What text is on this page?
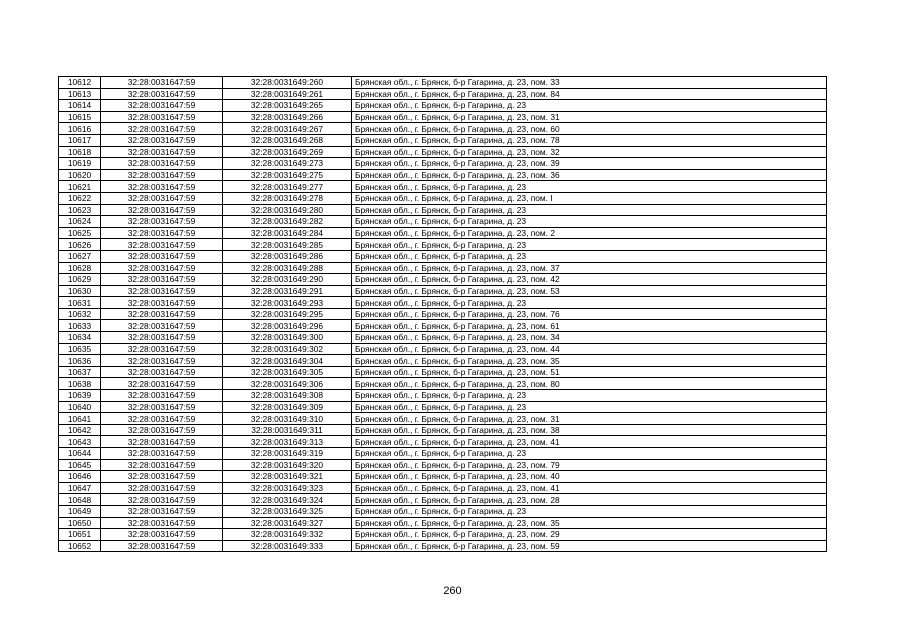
10612	32:28:0031647:59	32:28:0031649:260	Брянская обл., г. Брянск, б-р Гагарина, д. 23, пом. 33
10613	32:28:0031647:59	32:28:0031649:261	Брянская обл., г. Брянск, б-р Гагарина, д. 23, пом. 84
10614	32:28:0031647:59	32:28:0031649:265	Брянская обл., г. Брянск, б-р Гагарина, д. 23
10615	32:28:0031647:59	32:28:0031649:266	Брянская обл., г. Брянск, б-р Гагарина, д. 23, пом. 31
10616	32:28:0031647:59	32:28:0031649:267	Брянская обл., г. Брянск, б-р Гагарина, д. 23, пом. 60
10617	32:28:0031647:59	32:28:0031649:268	Брянская обл., г. Брянск, б-р Гагарина, д. 23, пом. 78
10618	32:28:0031647:59	32:28:0031649:269	Брянская обл., г. Брянск, б-р Гагарина, д. 23, пом. 32
10619	32:28:0031647:59	32:28:0031649:273	Брянская обл., г. Брянск, б-р Гагарина, д. 23, пом. 39
10620	32:28:0031647:59	32:28:0031649:275	Брянская обл., г. Брянск, б-р Гагарина, д. 23, пом. 36
10621	32:28:0031647:59	32:28:0031649:277	Брянская обл., г. Брянск, б-р Гагарина, д. 23
10622	32:28:0031647:59	32:28:0031649:278	Брянская обл., г. Брянск, б-р Гагарина, д. 23, пом. I
10623	32:28:0031647:59	32:28:0031649:280	Брянская обл., г. Брянск, б-р Гагарина, д. 23
10624	32:28:0031647:59	32:28:0031649:282	Брянская обл., г. Брянск, б-р Гагарина, д. 23
10625	32:28:0031647:59	32:28:0031649:284	Брянская обл., г. Брянск, б-р Гагарина, д. 23, пом. 2
10626	32:28:0031647:59	32:28:0031649:285	Брянская обл., г. Брянск, б-р Гагарина, д. 23
10627	32:28:0031647:59	32:28:0031649:286	Брянская обл., г. Брянск, б-р Гагарина, д. 23
10628	32:28:0031647:59	32:28:0031649:288	Брянская обл., г. Брянск, б-р Гагарина, д. 23, пом. 37
10629	32:28:0031647:59	32:28:0031649:290	Брянская обл., г. Брянск, б-р Гагарина, д. 23, пом. 42
10630	32:28:0031647:59	32:28:0031649:291	Брянская обл., г. Брянск, б-р Гагарина, д. 23, пом. 53
10631	32:28:0031647:59	32:28:0031649:293	Брянская обл., г. Брянск, б-р Гагарина, д. 23
10632	32:28:0031647:59	32:28:0031649:295	Брянская обл., г. Брянск, б-р Гагарина, д. 23, пом. 76
10633	32:28:0031647:59	32:28:0031649:296	Брянская обл., г. Брянск, б-р Гагарина, д. 23, пом. 61
10634	32:28:0031647:59	32:28:0031649:300	Брянская обл., г. Брянск, б-р Гагарина, д. 23, пом. 34
10635	32:28:0031647:59	32:28:0031649:302	Брянская обл., г. Брянск, б-р Гагарина, д. 23, пом. 44
10636	32:28:0031647:59	32:28:0031649:304	Брянская обл., г. Брянск, б-р Гагарина, д. 23, пом. 35
10637	32:28:0031647:59	32:28:0031649:305	Брянская обл., г. Брянск, б-р Гагарина, д. 23, пом. 51
10638	32:28:0031647:59	32:28:0031649:306	Брянская обл., г. Брянск, б-р Гагарина, д. 23, пом. 80
10639	32:28:0031647:59	32:28:0031649:308	Брянская обл., г. Брянск, б-р Гагарина, д. 23
10640	32:28:0031647:59	32:28:0031649:309	Брянская обл., г. Брянск, б-р Гагарина, д. 23
10641	32:28:0031647:59	32:28:0031649:310	Брянская обл., г. Брянск, б-р Гагарина, д. 23, пом. 31
10642	32:28:0031647:59	32:28:0031649:311	Брянская обл., г. Брянск, б-р Гагарина, д. 23, пом. 38
10643	32:28:0031647:59	32:28:0031649:313	Брянская обл., г. Брянск, б-р Гагарина, д. 23, пом. 41
10644	32:28:0031647:59	32:28:0031649:319	Брянская обл., г. Брянск, б-р Гагарина, д. 23
10645	32:28:0031647:59	32:28:0031649:320	Брянская обл., г. Брянск, б-р Гагарина, д. 23, пом. 79
10646	32:28:0031647:59	32:28:0031649:321	Брянская обл., г. Брянск, б-р Гагарина, д. 23, пом. 40
10647	32:28:0031647:59	32:28:0031649:323	Брянская обл., г. Брянск, б-р Гагарина, д. 23, пом. 41
10648	32:28:0031647:59	32:28:0031649:324	Брянская обл., г. Брянск, б-р Гагарина, д. 23, пом. 28
10649	32:28:0031647:59	32:28:0031649:325	Брянская обл., г. Брянск, б-р Гагарина, д. 23
10650	32:28:0031647:59	32:28:0031649:327	Брянская обл., г. Брянск, б-р Гагарина, д. 23, пом. 35
10651	32:28:0031647:59	32:28:0031649:332	Брянская обл., г. Брянск, б-р Гагарина, д. 23, пом. 29
10652	32:28:0031647:59	32:28:0031649:333	Брянская обл., г. Брянск, б-р Гагарина, д. 23, пом. 59
260
